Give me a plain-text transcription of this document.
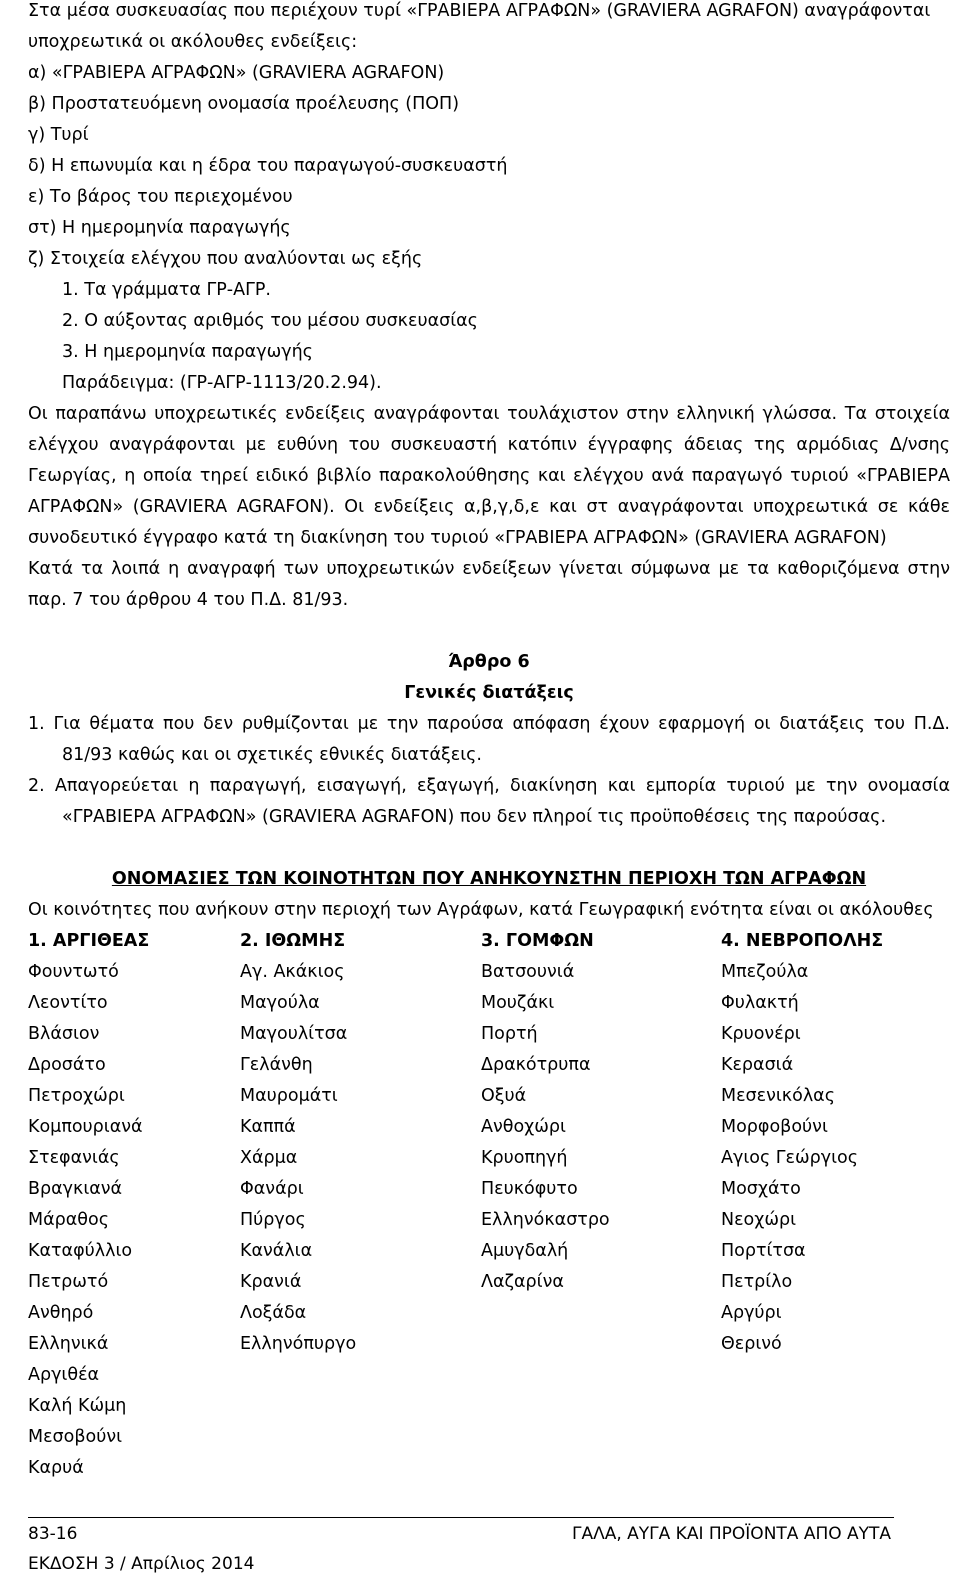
Στα μέσα συσκευασίας που περιέχουν τυρί «ΓΡΑΒΙΕΡΑ ΑΓΡΑΦΩΝ» (GRAVIERA AGRAFON) αναγράφονται
υποχρεωτικά οι ακόλουθες ενδείξεις:
α) «ΓΡΑΒΙΕΡΑ ΑΓΡΑΦΩΝ» (GRAVIERA AGRAFON)
β) Προστατευόμενη ονομασία προέλευσης (ΠΟΠ)
γ) Τυρί
δ) Η επωνυμία και η έδρα του παραγωγού-συσκευαστή
ε) Το βάρος του περιεχομένου
στ) Η ημερομηνία παραγωγής
ζ) Στοιχεία ελέγχου που αναλύονται ως εξής
1. Τα γράμματα ΓΡ-ΑΓΡ.
2. Ο αύξοντας αριθμός του μέσου συσκευασίας
3. Η ημερομηνία παραγωγής
Παράδειγμα: (ΓΡ-ΑΓΡ-1113/20.2.94).
Οι παραπάνω υποχρεωτικές ενδείξεις αναγράφονται τουλάχιστον στην ελληνική γλώσσα. Τα στοιχεία
ελέγχου αναγράφονται με ευθύνη του συσκευαστή κατόπιν έγγραφης άδειας της αρμόδιας Δ/νσης
Γεωργίας, η οποία τηρεί ειδικό βιβλίο παρακολούθησης και ελέγχου ανά παραγωγό τυριού «ΓΡΑΒΙΕΡΑ
ΑΓΡΑΦΩΝ» (GRAVIERA AGRAFON). Οι ενδείξεις α,β,γ,δ,ε και στ αναγράφονται υποχρεωτικά σε κάθε
συνοδευτικό έγγραφο κατά τη διακίνηση του τυριού «ΓΡΑΒΙΕΡΑ ΑΓΡΑΦΩΝ» (GRAVIERA AGRAFON)
Κατά τα λοιπά η αναγραφή των υποχρεωτικών ενδείξεων γίνεται σύμφωνα με τα καθοριζόμενα στην
παρ. 7 του άρθρου 4 του Π.Δ. 81/93.
Άρθρο 6
Γενικές διατάξεις
1. Για θέματα που δεν ρυθμίζονται με την παρούσα απόφαση έχουν εφαρμογή οι διατάξεις του Π.Δ.
81/93 καθώς και οι σχετικές εθνικές διατάξεις.
2. Απαγορεύεται η παραγωγή, εισαγωγή, εξαγωγή, διακίνηση και εμπορία τυριού με την ονομασία
«ΓΡΑΒΙΕΡΑ ΑΓΡΑΦΩΝ» (GRAVIERA AGRAFON) που δεν πληροί τις προϋποθέσεις της παρούσας.
ΟΝΟΜΑΣΙΕΣ ΤΩΝ ΚΟΙΝΟΤΗΤΩΝ ΠΟΥ ΑΝΗΚΟΥΝΣΤΗΝ ΠΕΡΙΟΧΗ ΤΩΝ ΑΓΡΑΦΩΝ
Οι κοινότητες που ανήκουν στην περιοχή των Αγράφων, κατά Γεωγραφική ενότητα είναι οι ακόλουθες
1. ΑΡΓΙΘΕΑΣ
Φουντωτό
Λεοντίτο
Βλάσιον
Δροσάτο
Πετροχώρι
Κομπουριανά
Στεφανιάς
Βραγκιανά
Μάραθος
Καταφύλλιο
Πετρωτό
Ανθηρό
Ελληνικά
Αργιθέα
Καλή Κώμη
Μεσοβούνι
Καρυά
2. ΙΘΩΜΗΣ
Αγ. Ακάκιος
Μαγούλα
Μαγουλίτσα
Γελάνθη
Μαυρομάτι
Καππά
Χάρμα
Φανάρι
Πύργος
Κανάλια
Κρανιά
Λοξάδα
Ελληνόπυργο
3. ΓΟΜΦΩΝ
Βατσουνιά
Μουζάκι
Πορτή
Δρακότρυπα
Οξυά
Ανθοχώρι
Κρυοπηγή
Πευκόφυτο
Ελληνόκαστρο
Αμυγδαλή
Λαζαρίνα
4. ΝΕΒΡΟΠΟΛΗΣ
Μπεζούλα
Φυλακτή
Κρυονέρι
Κερασιά
Μεσενικόλας
Μορφοβούνι
Αγιος Γεώργιος
Μοσχάτο
Νεοχώρι
Πορτίτσα
Πετρίλο
Αργύρι
Θερινό
83-16
ΕΚΔΟΣΗ 3 / Απρίλιος 2014
ΓΑΛΑ, ΑΥΓΑ ΚΑΙ ΠΡΟΪΟΝΤΑ ΑΠΟ ΑΥΤΑ
